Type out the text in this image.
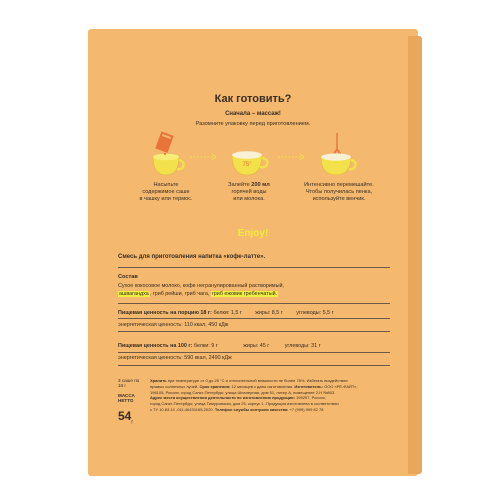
Как готовить?
Сначала – массаж!
Разомните упаковку перед приготовлением.
75°
Насыпьте
содержимое саше
в чашку или термос.
Залейте 200 мл
горячей воды
или молока.
Интенсивно перемешайте.
Чтобы получилась пенка,
используйте венчик.
Enjoy!
Смесь для приготовления напитка «кофе-латте».
Состав
Сухое кокосовое молоко, кофе негранулированный растворимый,
ашвагандха, гриб рейши, гриб чага, гриб ежовик гребенчатый.
Пищевая ценность на порцию 18 г: белки: 1,5 г	жиры: 8,5 г	углеводы: 5,5 г
энергетическая ценность: 110 ккал, 450 кДж
Пищевая ценность на 100 г: белки: 9 г	жиры: 45 г	углеводы: 31 г
энергетическая ценность: 590 ккал, 2490 кДж
3 саше по 18 г
МАССА НЕТТО
$54_г$
Хранить при температуре от 0 до 25 °С и относительной влажности не более 75%. Избегать воздействия
прямых солнечных лучей. Срок хранения: 12 месяцев с даты изготовления. Изготовитель: ООО «РЕ-ФАЙТ»,
196105, Россия, город Санкт-Петербург, улица Шпалерная, дом 51, литер А, помещение 2-Н №803.
Адрес места осуществления деятельности по изготовлению продукции: 195297, Россия,
город Санкт-Петербург, улица Тимуровская, дом 25, корпус 1. Продукция изготовлена в соответствии
с ТУ 10.83.14 -011-46431165-2020. Телефон службы контроля качества: +7 (999) 999 82 78
